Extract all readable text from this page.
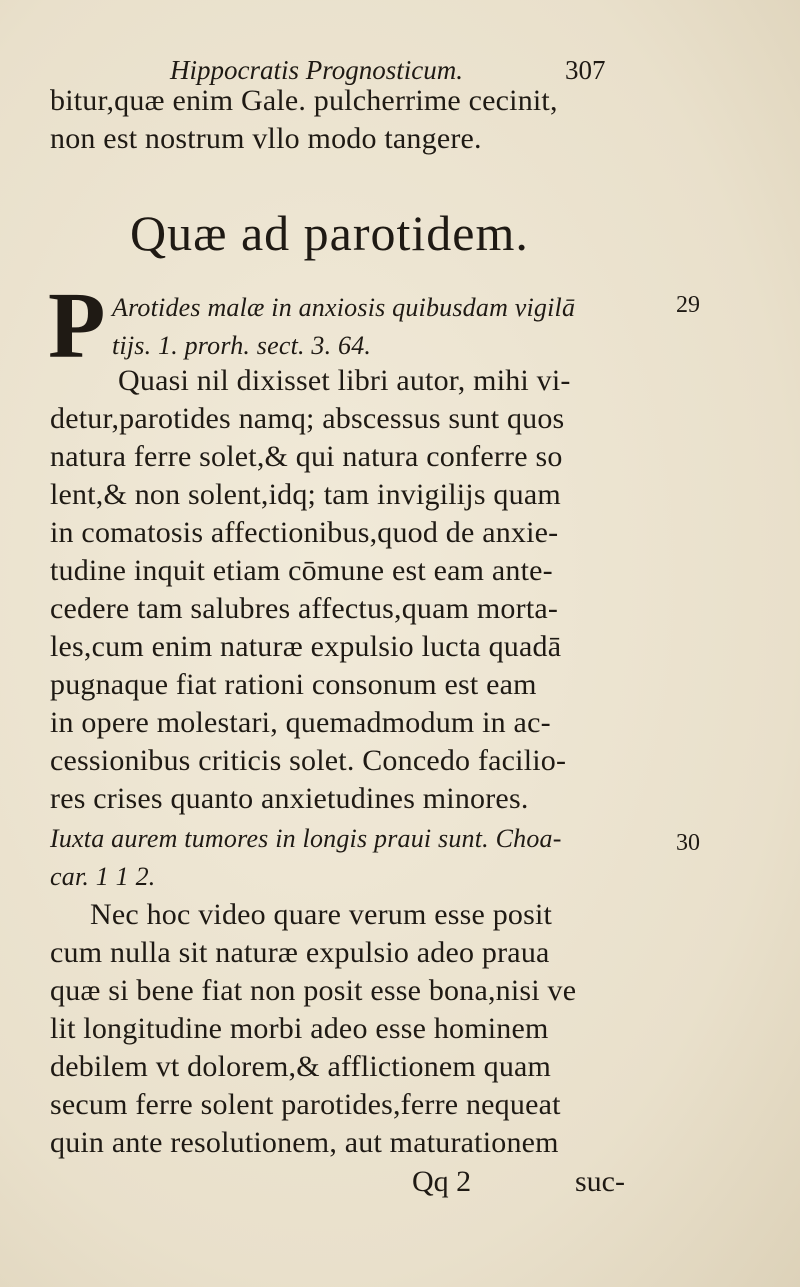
Hippocratis Prognosticum.	307
bitur,quæ enim Gale. pulcherrime cecinit,
non est nostrum vllo modo tangere.
Quæ ad parotidem.
P Arotides malæ in anxiosis quibusdam vigilā
tijs. 1. prorh. sect. 3. 64.
29
Quasi nil dixisset libri autor, mihi vi-
detur,parotides namq; abscessus sunt quos
natura ferre solet,& qui natura conferre so
lent,& non solent,idq; tam invigilijs quam
in comatosis affectionibus,quod de anxie-
tudine inquit etiam cōmune est eam ante-
cedere tam salubres affectus,quam morta-
les,cum enim naturæ expulsio lucta quadā
pugnaque fiat rationi consonum est eam
in opere molestari, quemadmodum in ac-
cessionibus criticis solet. Concedo facilio-
res crises quanto anxietudines minores.
Iuxta aurem tumores in longis praui sunt. Choa-
car. 1 1 2.
30
Nec hoc video quare verum esse posit
cum nulla sit naturæ expulsio adeo praua
quæ si bene fiat non posit esse bona,nisi ve
lit longitudine morbi adeo esse hominem
debilem vt dolorem,& afflictionem quam
secum ferre solent parotides,ferre nequeat
quin ante resolutionem, aut maturationem
Qq 2	suc-
